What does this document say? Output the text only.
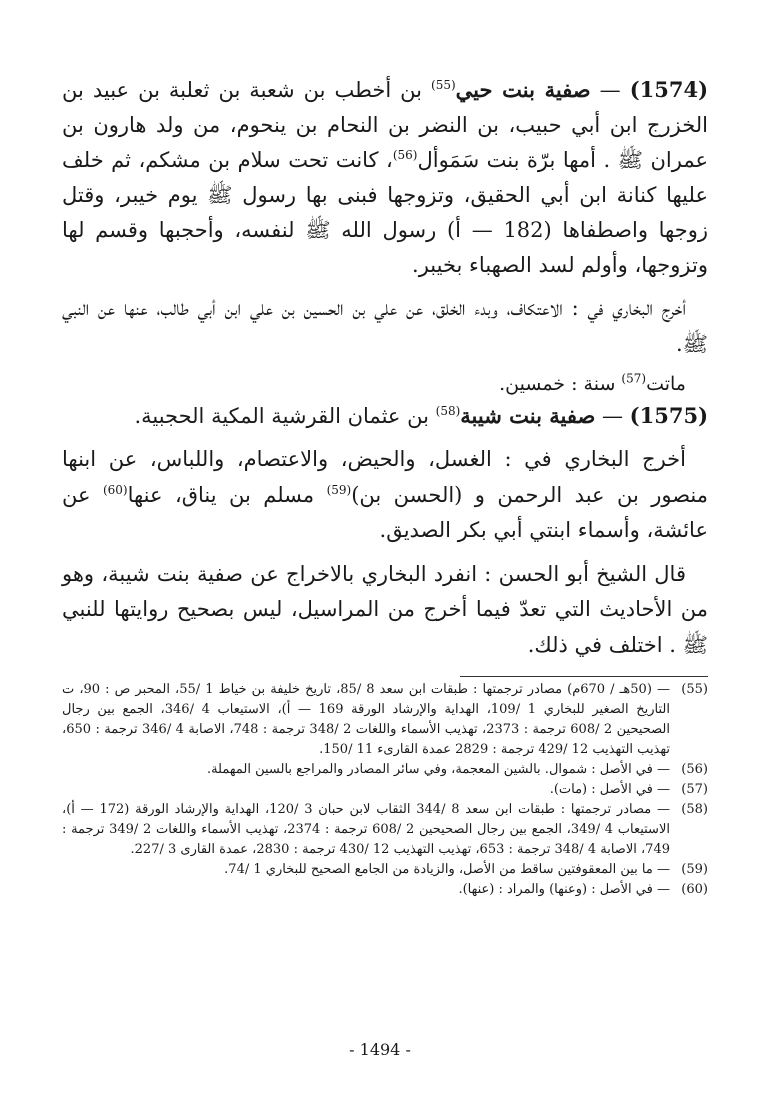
(1574) — صفية بنت حيي$^{(55)}$ بن أخطب بن شعبة بن ثعلبة بن عبيد بن الخزرج ابن أبي حبيب، بن النضر بن النحام بن ينحوم، من ولد هارون بن عمران ﷺ . أمها برّة بنت سَمَوأل$^{(56)}$، كانت تحت سلام بن مشكم، ثم خلف عليها كنانة ابن أبي الحقيق، وتزوجها فبنى بها رسول ﷺ يوم خيبر، وقتل زوجها واصطفاها (182 — أ) رسول الله ﷺ لنفسه، وأحجبها وقسم لها وتزوجها، وأولم لسد الصهباء بخيبر.

أخرج البخاري في : الاعتكاف، وبدء الخلق، عن علي بن الحسين بن علي ابن أبي طالب، عنها عن النبي ﷺ.

ماتت$^{(57)}$ سنة : خمسين.

(1575) — صفية بنت شيبة$^{(58)}$ بن عثمان القرشية المكية الحجبية.

أخرج البخاري في : الغسل، والحيض، والاعتصام، واللباس، عن ابنها منصور بن عبد الرحمن و (الحسن بن)$^{(59)}$ مسلم بن يناق، عنها$^{(60)}$ عن عائشة، وأسماء ابنتي أبي بكر الصديق.

قال الشيخ أبو الحسن : انفرد البخاري بالاخراج عن صفية بنت شيبة، وهو من الأحاديث التي تعدّ فيما أخرج من المراسيل، ليس بصحيح روايتها للنبي ﷺ . اختلف في ذلك.

(55)
— (50هـ / 670م) مصادر ترجمتها : طبقات ابن سعد 8 /85، تاريخ خليفة بن خياط 1 /55، المحبر ص : 90، ت التاريخ الصغير للبخاري 1 /109، الهداية والإرشاد الورقة 169 — أ)، الاستيعاب 4 /346، الجمع بين رجال الصحيحين 2 /608 ترجمة : 2373، تهذيب الأسماء واللغات 2 /348 ترجمة : 748، الاصابة 4 /346 ترجمة : 650، تهذيب التهذيب 12 /429 ترجمة : 2829 عمدة القارىء 11 /150.
(56)
— في الأصل : شموال. بالشين المعجمة، وفي سائر المصادر والمراجع بالسين المهملة.
(57)
— في الأصل : (مات).
(58)
— مصادر ترجمتها : طبقات ابن سعد 8 /344 الثقاب لابن حبان 3 /120، الهداية والإرشاد الورقة (172 — أ)، الاستيعاب 4 /349، الجمع بين رجال الصحيحين 2 /608 ترجمة : 2374، تهذيب الأسماء واللغات 2 /349 ترجمة : 749، الاصابة 4 /348 ترجمة : 653، تهذيب التهذيب 12 /430 ترجمة : 2830، عمدة القارى 3 /227.
(59)
— ما بين المعقوفتين ساقط من الأصل، والزيادة من الجامع الصحيح للبخاري 1 /74.
(60)
— في الأصل : (وعنها) والمراد : (عنها).
- 1494 -
